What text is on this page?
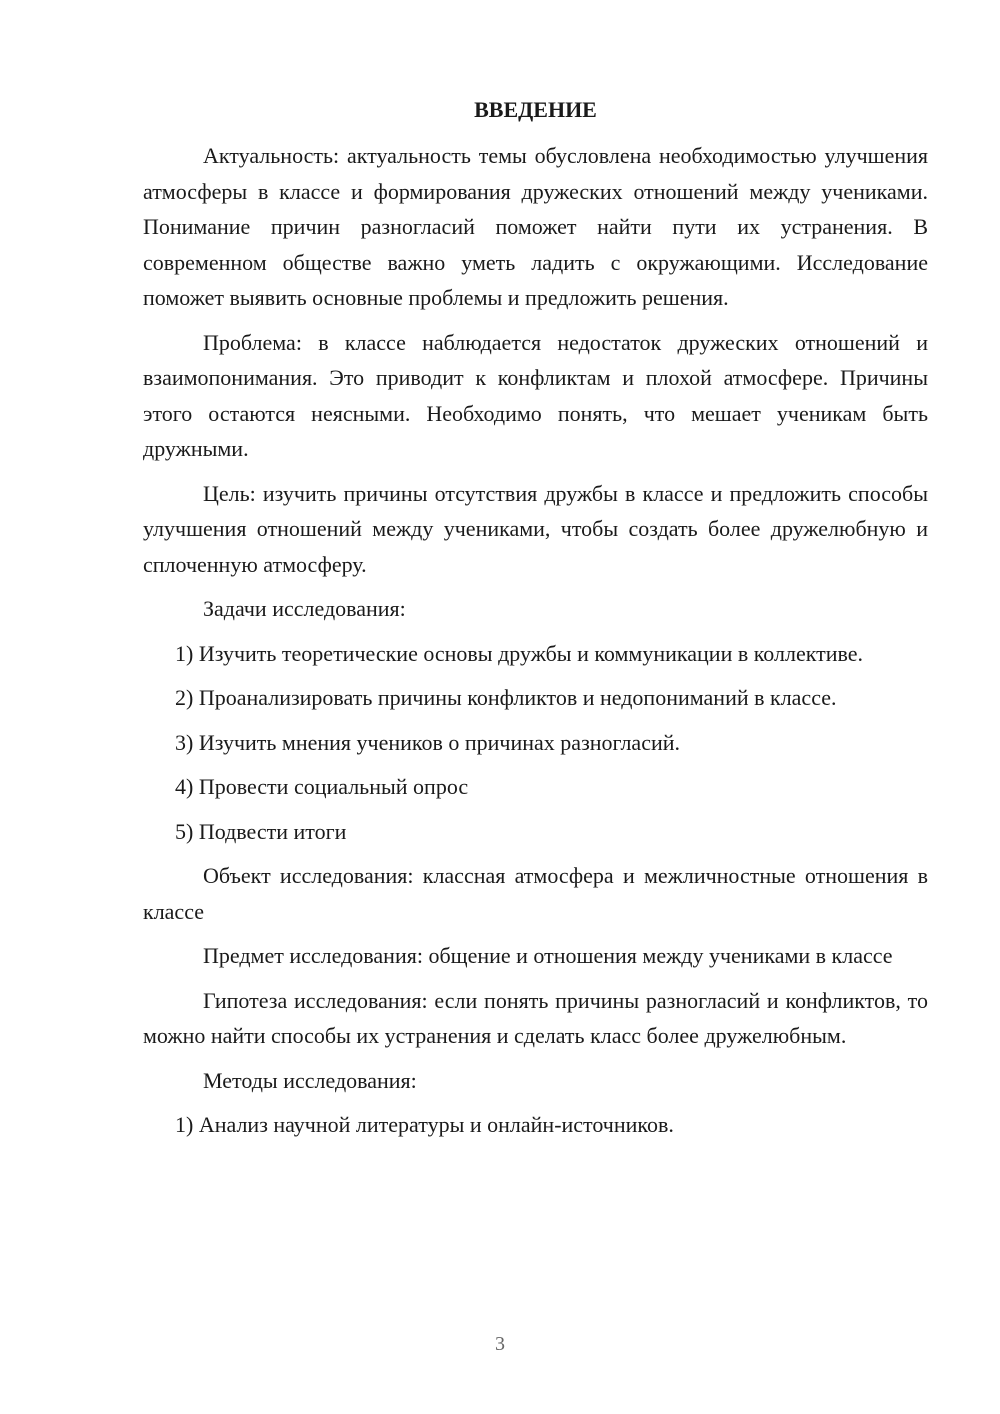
ВВЕДЕНИЕ

Актуальность: актуальность темы обусловлена необходимостью улучшения атмосферы в классе и формирования дружеских отношений между учениками. Понимание причин разногласий поможет найти пути их устранения. В современном обществе важно уметь ладить с окружающими. Исследование поможет выявить основные проблемы и предложить решения.

Проблема: в классе наблюдается недостаток дружеских отношений и взаимопонимания. Это приводит к конфликтам и плохой атмосфере. Причины этого остаются неясными. Необходимо понять, что мешает ученикам быть дружными.

Цель: изучить причины отсутствия дружбы в классе и предложить способы улучшения отношений между учениками, чтобы создать более дружелюбную и сплоченную атмосферу.

Задачи исследования:

1) Изучить теоретические основы дружбы и коммуникации в коллективе.

2) Проанализировать причины конфликтов и недопониманий в классе.

3) Изучить мнения учеников о причинах разногласий.

4) Провести социальный опрос

5) Подвести итоги

Объект исследования: классная атмосфера и межличностные отношения в классе

Предмет исследования: общение и отношения между учениками в классе

Гипотеза исследования: если понять причины разногласий и конфликтов, то можно найти способы их устранения и сделать класс более дружелюбным.

Методы исследования:

1) Анализ научной литературы и онлайн-источников.

3
